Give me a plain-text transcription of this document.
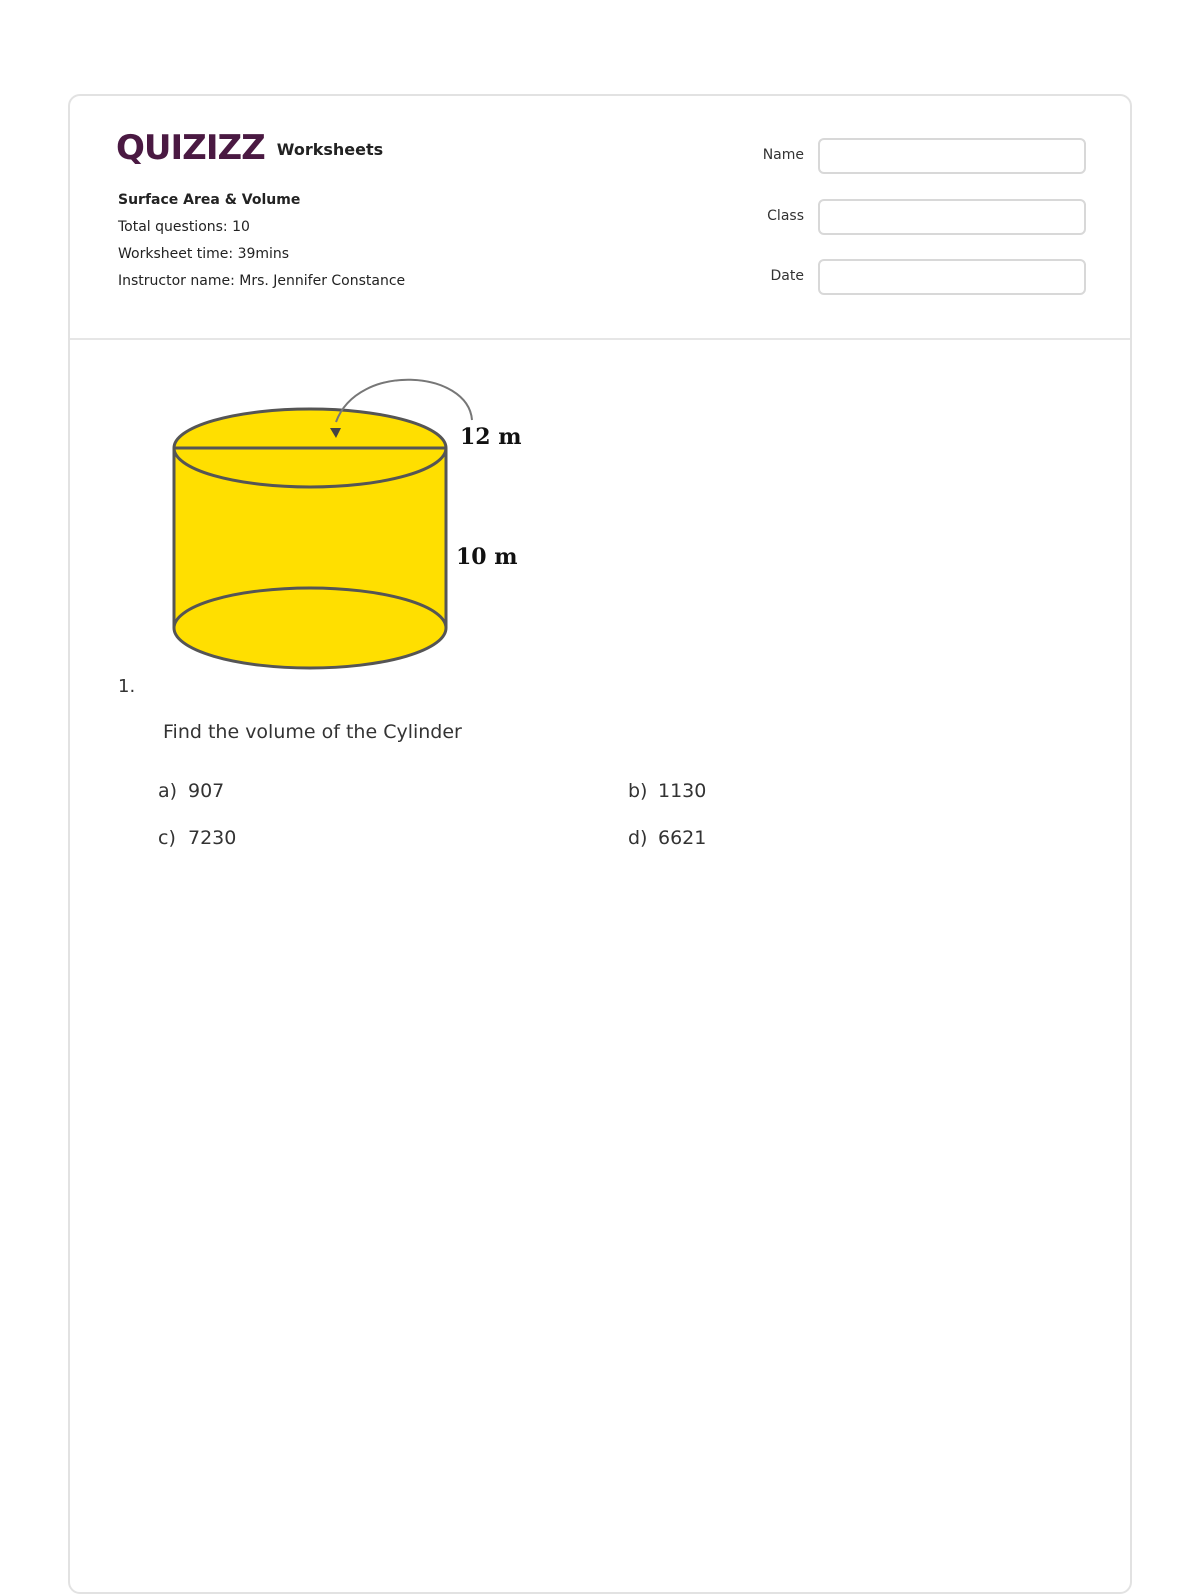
QUIZIZZ Worksheets
Surface Area & Volume
Total questions: 10
Worksheet time: 39mins
Instructor name: Mrs. Jennifer Constance
Name
Class
Date
12 m
10 m
1.
Find the volume of the Cylinder
a) 907	b) 1130
c) 7230	d) 6621
